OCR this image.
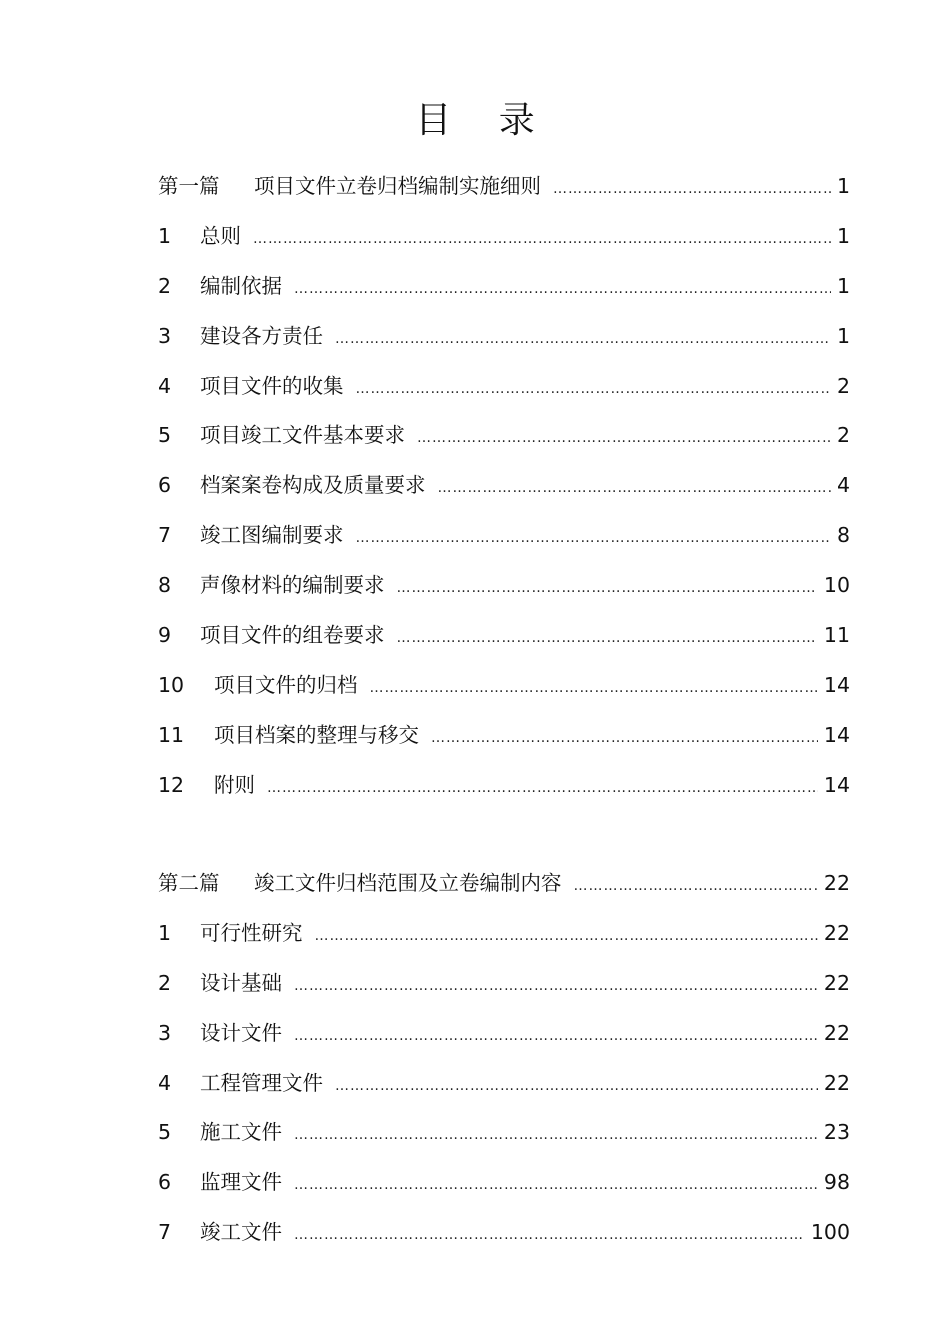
目 录
第一篇	项目文件立卷归档编制实施细则 ………………………………………………………………………………………………………………………………………………………………	1
1	总则 ………………………………………………………………………………………………………………………………………………………………	1
2	编制依据 ………………………………………………………………………………………………………………………………………………………………	1
3	建设各方责任 ………………………………………………………………………………………………………………………………………………………………	1
4	项目文件的收集 ………………………………………………………………………………………………………………………………………………………………	2
5	项目竣工文件基本要求 ………………………………………………………………………………………………………………………………………………………………	2
6	档案案卷构成及质量要求 ………………………………………………………………………………………………………………………………………………………………	4
7	竣工图编制要求 ………………………………………………………………………………………………………………………………………………………………	8
8	声像材料的编制要求 ………………………………………………………………………………………………………………………………………………………………	10
9	项目文件的组卷要求 ………………………………………………………………………………………………………………………………………………………………	11
10	项目文件的归档 ………………………………………………………………………………………………………………………………………………………………	14
11	项目档案的整理与移交 ………………………………………………………………………………………………………………………………………………………………	14
12	附则 ………………………………………………………………………………………………………………………………………………………………	14
第二篇	竣工文件归档范围及立卷编制内容 ………………………………………………………………………………………………………………………………………………………………	22
1	可行性研究 ………………………………………………………………………………………………………………………………………………………………	22
2	设计基础 ………………………………………………………………………………………………………………………………………………………………	22
3	设计文件 ………………………………………………………………………………………………………………………………………………………………	22
4	工程管理文件 ………………………………………………………………………………………………………………………………………………………………	22
5	施工文件 ………………………………………………………………………………………………………………………………………………………………	23
6	监理文件 ………………………………………………………………………………………………………………………………………………………………	98
7	竣工文件 ………………………………………………………………………………………………………………………………………………………………	100
